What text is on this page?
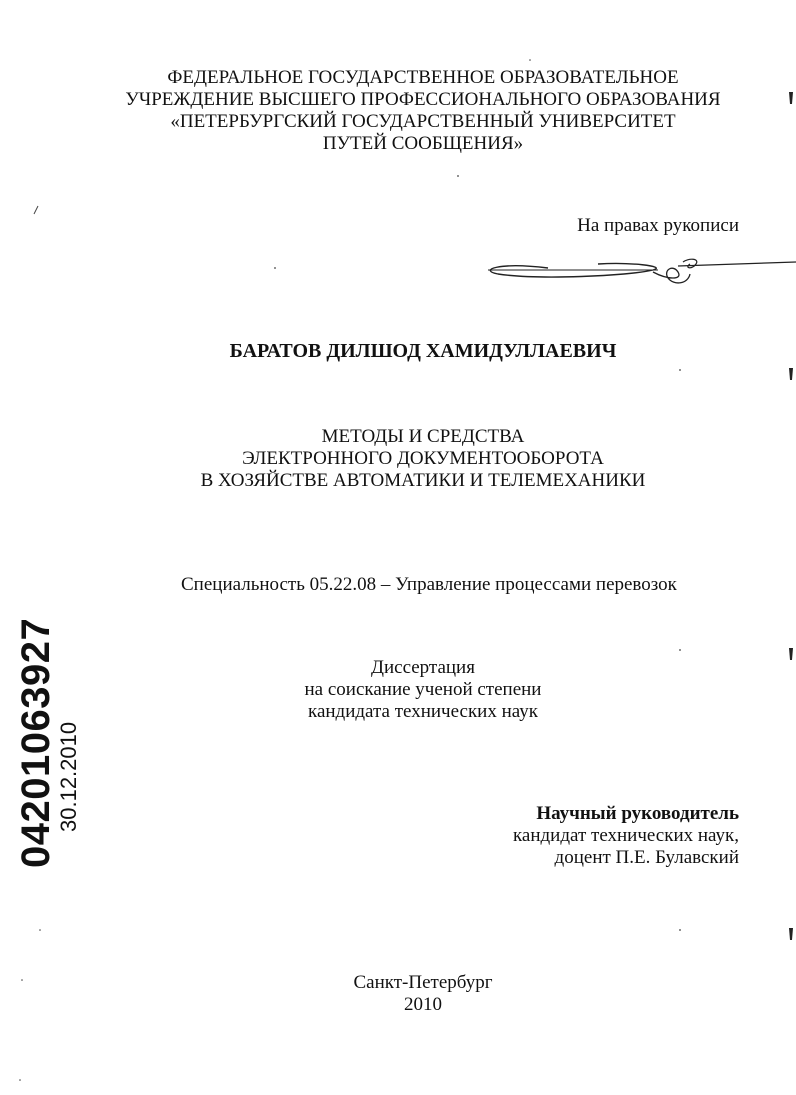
ФЕДЕРАЛЬНОЕ ГОСУДАРСТВЕННОЕ ОБРАЗОВАТЕЛЬНОЕ
УЧРЕЖДЕНИЕ ВЫСШЕГО ПРОФЕССИОНАЛЬНОГО ОБРАЗОВАНИЯ
«ПЕТЕРБУРГСКИЙ ГОСУДАРСТВЕННЫЙ УНИВЕРСИТЕТ
ПУТЕЙ СООБЩЕНИЯ»
На правах рукописи
БАРАТОВ ДИЛШОД ХАМИДУЛЛАЕВИЧ
МЕТОДЫ И СРЕДСТВА
ЭЛЕКТРОННОГО ДОКУМЕНТООБОРОТА
В ХОЗЯЙСТВЕ АВТОМАТИКИ И ТЕЛЕМЕХАНИКИ
Специальность 05.22.08 – Управление процессами перевозок
Диссертация
на соискание ученой степени
кандидата технических наук
Научный руководитель
кандидат технических наук,
доцент П.Е. Булавский
Санкт-Петербург
2010
04201063927
30.12.2010
